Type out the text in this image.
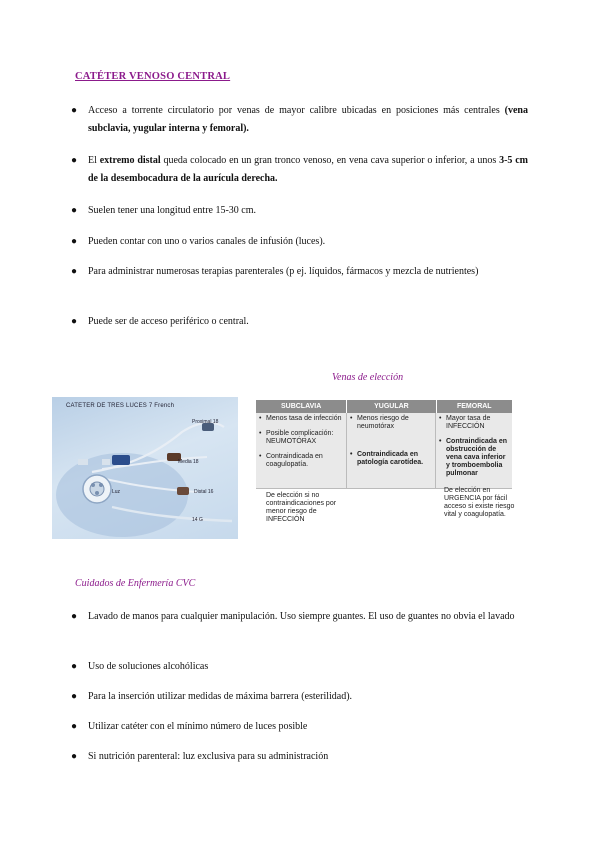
CATÉTER VENOSO CENTRAL
● Acceso a torrente circulatorio por venas de mayor calibre ubicadas en posiciones más centrales (vena subclavia, yugular interna y femoral).
● El extremo distal queda colocado en un gran tronco venoso, en vena cava superior o inferior, a unos 3-5 cm de la desembocadura de la aurícula derecha.
● Suelen tener una longitud entre 15-30 cm.
● Pueden contar con uno o varios canales de infusión (luces).
● Para administrar numerosas terapias parenterales (p ej. líquidos, fármacos y mezcla de nutrientes)
● Puede ser de acceso periférico o central.
Venas de elección
CATETER DE TRES LUCES 7 French
Proximal 18
Media 18
Distal 16
Luz
14 G
SUBCLAVIA	YUGULAR	FEMORAL
• Menos tasa de infección
• Posible complicación: NEUMOTÓRAX
• Contraindicada en coagulopatía.
• Menos riesgo de neumotórax
• Contraindicada en patología carotídea.
• Mayor tasa de INFECCIÓN
• Contraindicada en obstrucción de vena cava inferior y tromboembolia pulmonar
De elección si no contraindicaciones por menor riesgo de INFECCIÓN
De elección en URGENCIA por fácil acceso si existe riesgo vital y coagulopatía.
Cuidados de Enfermería CVC
● Lavado de manos para cualquier manipulación. Uso siempre guantes. El uso de guantes no obvia el lavado
● Uso de soluciones alcohólicas
● Para la inserción utilizar medidas de máxima barrera (esterilidad).
● Utilizar catéter con el mínimo número de luces posible
● Si nutrición parenteral: luz exclusiva para su administración
